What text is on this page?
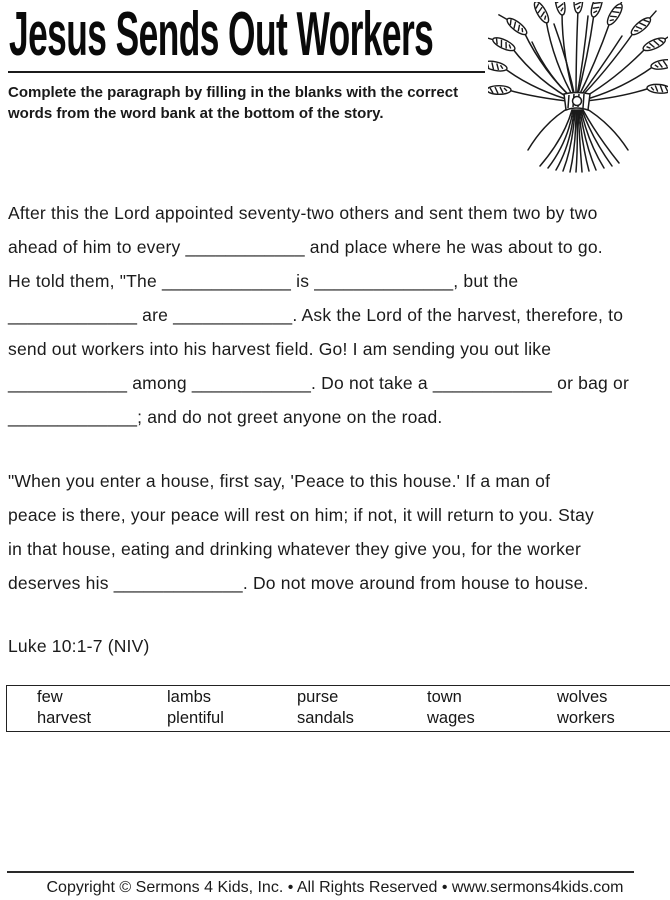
Jesus Sends Out Workers
Complete the paragraph by filling in the blanks with the correct
words from the word bank at the bottom of the story.
After this the Lord appointed seventy-two others and sent them two by two
ahead of him to every ____________ and place where he was about to go.
He told them, "The _____________ is ______________, but the
_____________ are ____________. Ask the Lord of the harvest, therefore, to
send out workers into his harvest field. Go! I am sending you out like
____________ among ____________. Do not take a ____________ or bag or
_____________; and do not greet anyone on the road.
"When you enter a house, first say, 'Peace to this house.' If a man of
peace is there, your peace will rest on him; if not, it will return to you. Stay
in that house, eating and drinking whatever they give you, for the worker
deserves his _____________. Do not move around from house to house.
Luke 10:1-7 (NIV)
few	lambs	purse	town	wolves
harvest	plentiful	sandals	wages	workers
Copyright © Sermons 4 Kids, Inc. • All Rights Reserved • www.sermons4kids.com
